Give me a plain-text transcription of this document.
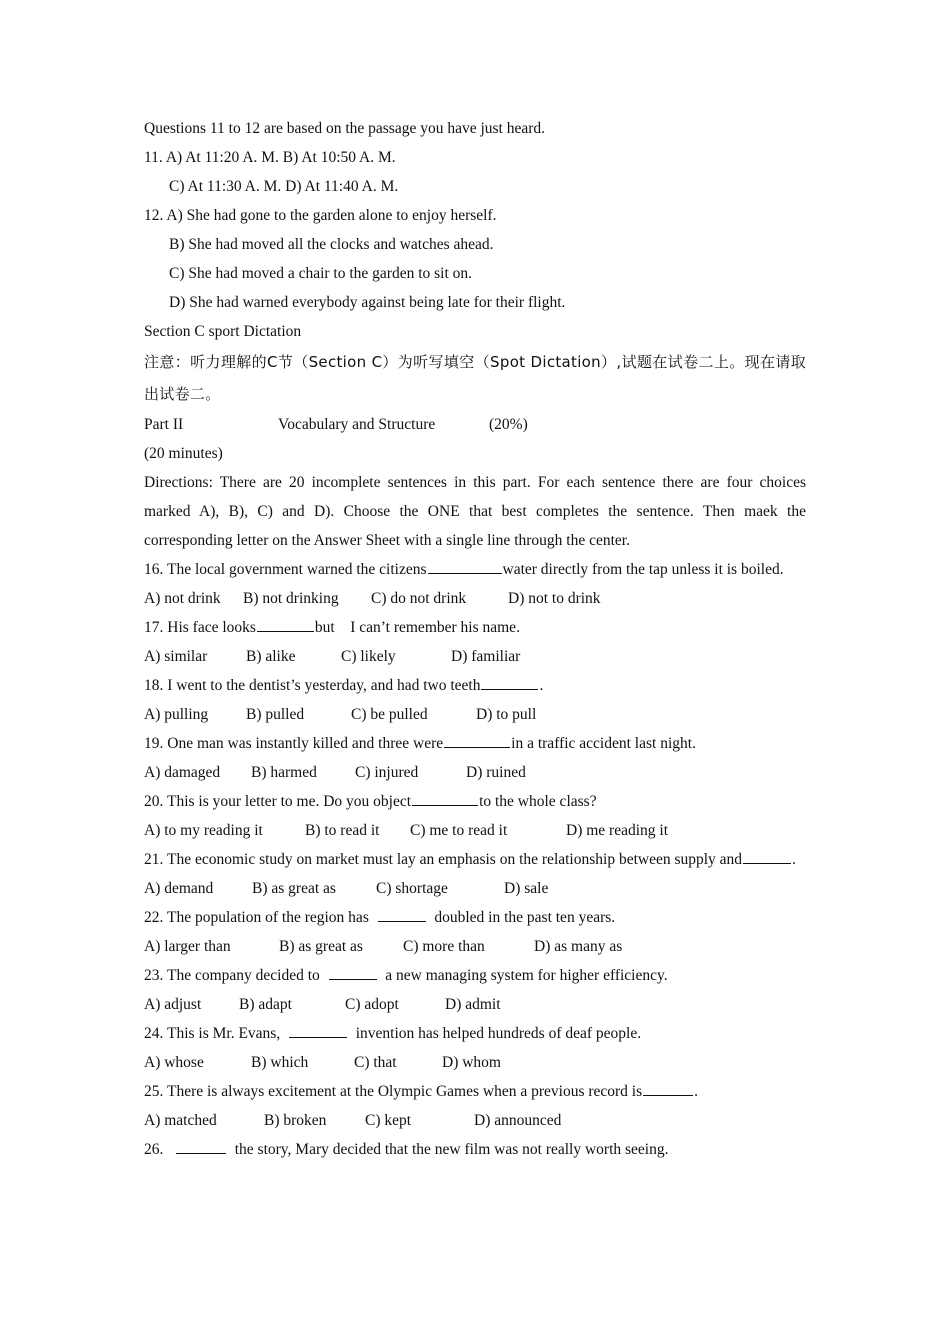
Questions 11 to 12 are based on the passage you have just heard.
11. A) At 11:20 A. M. B) At 10:50 A. M.
C) At 11:30 A. M. D) At 11:40 A. M.
12. A) She had gone to the garden alone to enjoy herself.
B) She had moved all the clocks and watches ahead.
C) She had moved a chair to the garden to sit on.
D) She had warned everybody against being late for their flight.
Section C sport Dictation
注意：听力理解的C节（Section C）为听写填空（Spot Dictation）,试题在试卷二上。现在请取出试卷二。
Part II	Vocabulary and Structure	(20%)
(20 minutes)
Directions: There are 20 incomplete sentences in this part. For each sentence there are four choices marked A), B), C) and D). Choose the ONE that best completes the sentence. Then maek the corresponding letter on the Answer Sheet with a single line through the center.
16. The local government warned the citizens	water directly from the tap unless it is boiled.
A) not drink B) not drinking C) do not drink	D) not to drink
17. His face looks	but    I can’t remember his name.
A) similar B) alike	C) likely	D) familiar
18. I went to the dentist’s yesterday, and had two teeth	.
A) pulling B) pulled	C) be pulled	D) to pull
19. One man was instantly killed and three were	in a traffic accident last night.
A) damaged B) harmed C) injured	D) ruined
20. This is your letter to me. Do you object	to the whole class?
A) to my reading it	B) to read it C) me to read it	D) me reading it
21. The economic study on market must lay an emphasis on the relationship between supply and	.
A) demand B) as great as	C) shortage	D) sale
22. The population of the region has	doubled in the past ten years.
A) larger than	B) as great as	C) more than	D) as many as
23. The company decided to	a new managing system for higher efficiency.
A) adjust B) adapt	C) adopt	D) admit
24. This is Mr. Evans,	invention has helped hundreds of deaf people.
A) whose	B) which	C) that	D) whom
25. There is always excitement at the Olympic Games when a previous record is	.
A) matched	B) broken C) kept	D) announced
26.	the story, Mary decided that the new film was not really worth seeing.
